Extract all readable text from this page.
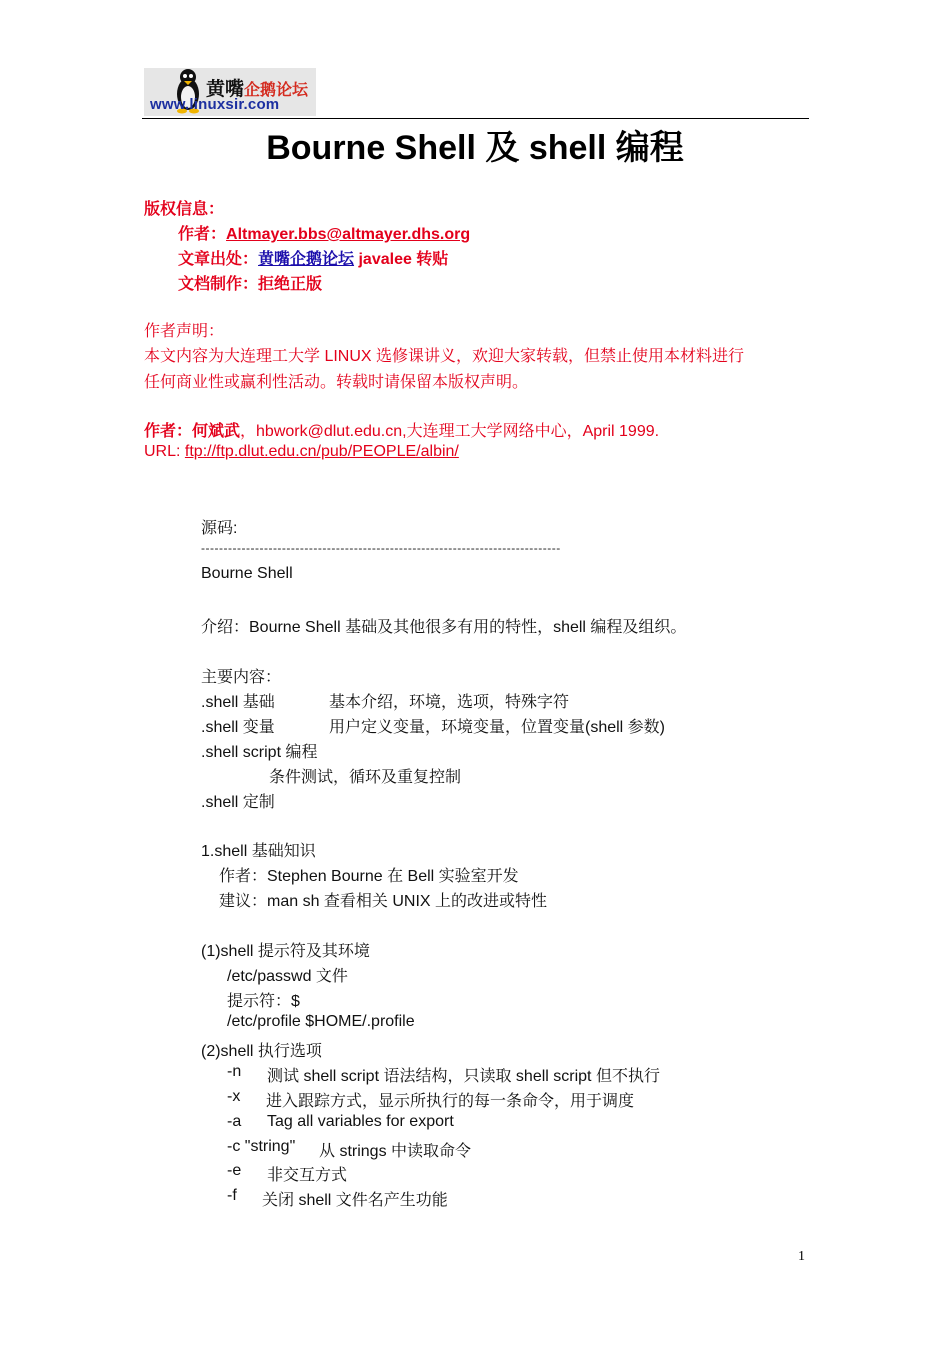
黄嘴企鹅论坛
www.linuxsir.com
Bourne Shell 及 shell 编程
版权信息：
作者：Altmayer.bbs@altmayer.dhs.org
文章出处：黄嘴企鹅论坛 javalee 转贴
文档制作：拒绝正版
作者声明：
本文内容为大连理工大学 LINUX 选修课讲义，欢迎大家转载，但禁止使用本材料进行
任何商业性或赢利性活动。转载时请保留本版权声明。
作者：何斌武，hbwork@dlut.edu.cn,大连理工大学网络中心，April 1999.
URL: ftp://ftp.dlut.edu.cn/pub/PEOPLE/albin/
源码:
--------------------------------------------------------------------------------
Bourne Shell
介绍：Bourne Shell 基础及其他很多有用的特性，shell 编程及组织。
主要内容：
.shell 基础	基本介绍，环境，选项，特殊字符
.shell 变量	用户定义变量，环境变量，位置变量(shell 参数)
.shell script 编程
条件测试，循环及重复控制
.shell 定制
1.shell 基础知识
作者：Stephen Bourne 在 Bell 实验室开发
建议：man sh 查看相关 UNIX 上的改进或特性
(1)shell 提示符及其环境
/etc/passwd 文件
提示符：$
/etc/profile $HOME/.profile
(2)shell 执行选项
-n 测试 shell script 语法结构，只读取 shell script 但不执行
-x 进入跟踪方式，显示所执行的每一条命令，用于调度
-a Tag all variables for export
-c "string" 从 strings 中读取命令
-e 非交互方式
-f 关闭 shell 文件名产生功能
1
